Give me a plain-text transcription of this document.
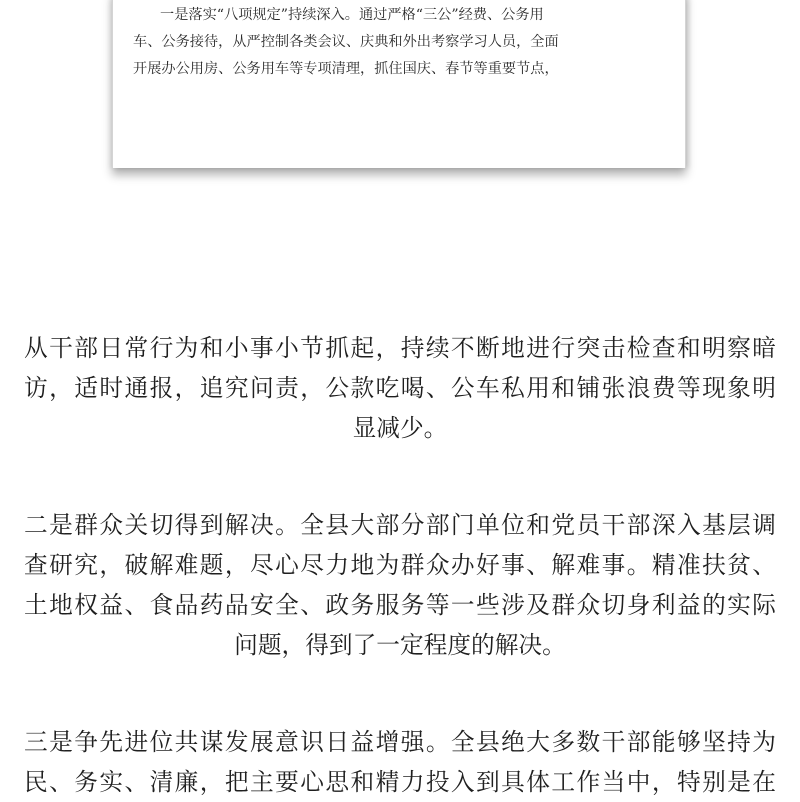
一是落实“八项规定”持续深入。通过严格“三公”经费、公务用
车、公务接待，从严控制各类会议、庆典和外出考察学习人员，全面
开展办公用房、公务用车等专项清理，抓住国庆、春节等重要节点，
从干部日常行为和小事小节抓起，持续不断地进行突击检查和明察暗
访，适时通报，追究问责，公款吃喝、公车私用和铺张浪费等现象明
显减少。
二是群众关切得到解决。全县大部分部门单位和党员干部深入基层调
查研究，破解难题，尽心尽力地为群众办好事、解难事。精准扶贫、
土地权益、食品药品安全、政务服务等一些涉及群众切身利益的实际
问题，得到了一定程度的解决。
三是争先进位共谋发展意识日益增强。全县绝大多数干部能够坚持为
民、务实、清廉，把主要心思和精力投入到具体工作当中，特别是在
